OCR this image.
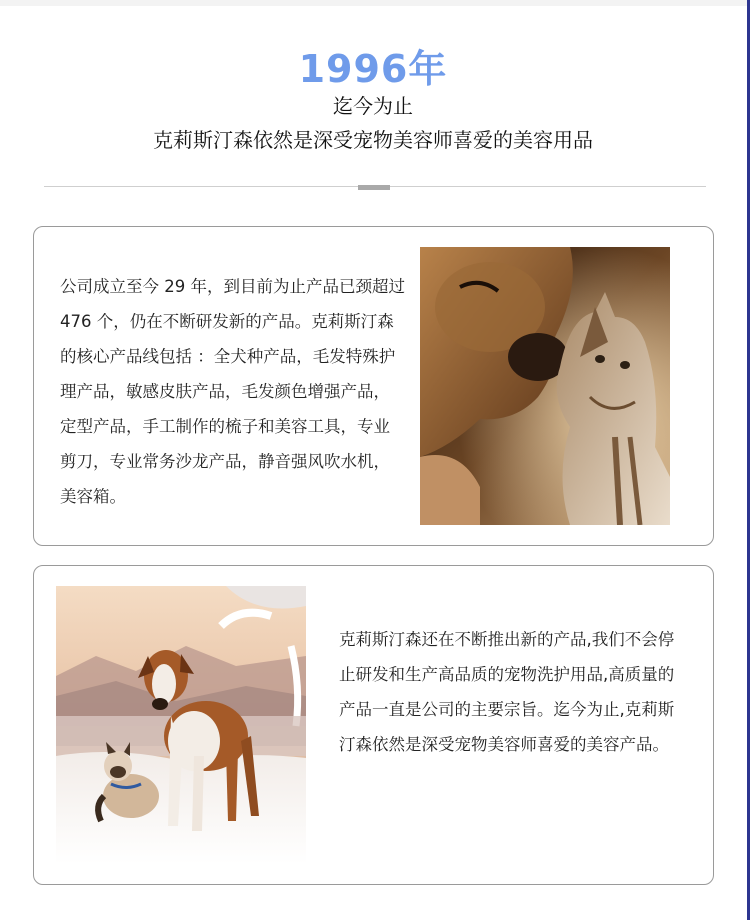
1996年
迄今为止
克莉斯汀森依然是深受宠物美容师喜爱的美容用品
公司成立至今 29 年，到目前为止产品已颈超过 476 个，仍在不断研发新的产品。克莉斯汀森的核心产品线包括 ：全犬种产品，毛发特殊护理产品，敏感皮肤产品，毛发颜色增强产品，定型产品，手工制作的梳子和美容工具，专业剪刀，专业常务沙龙产品，静音强风吹水机，美容箱。
克莉斯汀森还在不断推出新的产品,我们不会停止研发和生产高品质的宠物洗护用品,高质量的产品一直是公司的主要宗旨。迄今为止,克莉斯汀森依然是深受宠物美容师喜爱的美容产品。
